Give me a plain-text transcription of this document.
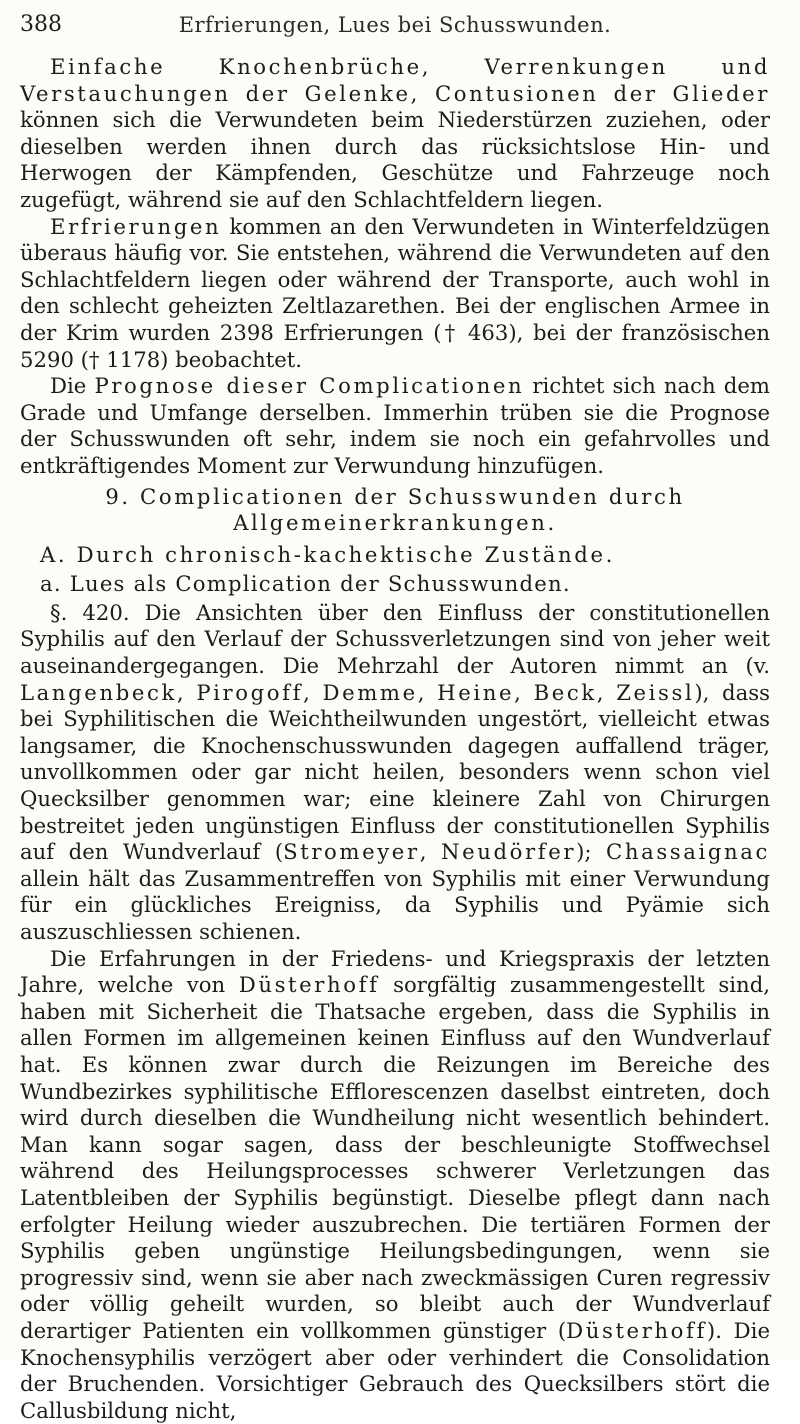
388	Erfrierungen, Lues bei Schusswunden.

Einfache Knochenbrüche, Verrenkungen und Verstauchungen der Gelenke, Contusionen der Glieder können sich die Verwundeten beim Niederstürzen zuziehen, oder dieselben werden ihnen durch das rücksichtslose Hin- und Herwogen der Kämpfenden, Geschütze und Fahrzeuge noch zugefügt, während sie auf den Schlachtfeldern liegen.

Erfrierungen kommen an den Verwundeten in Winterfeldzügen überaus häufig vor. Sie entstehen, während die Verwundeten auf den Schlachtfeldern liegen oder während der Transporte, auch wohl in den schlecht geheizten Zeltlazarethen. Bei der englischen Armee in der Krim wurden 2398 Erfrierungen († 463), bei der französischen 5290 († 1178) beobachtet.

Die Prognose dieser Complicationen richtet sich nach dem Grade und Umfange derselben. Immerhin trüben sie die Prognose der Schusswunden oft sehr, indem sie noch ein gefahrvolles und entkräftigendes Moment zur Verwundung hinzufügen.

9. Complicationen der Schusswunden durch Allgemeinerkrankungen.

A. Durch chronisch-kachektische Zustände.

a. Lues als Complication der Schusswunden.

§. 420. Die Ansichten über den Einfluss der constitutionellen Syphilis auf den Verlauf der Schussverletzungen sind von jeher weit auseinandergegangen. Die Mehrzahl der Autoren nimmt an (v. Langenbeck, Pirogoff, Demme, Heine, Beck, Zeissl), dass bei Syphilitischen die Weichtheilwunden ungestört, vielleicht etwas langsamer, die Knochenschusswunden dagegen auffallend träger, unvollkommen oder gar nicht heilen, besonders wenn schon viel Quecksilber genommen war; eine kleinere Zahl von Chirurgen bestreitet jeden ungünstigen Einfluss der constitutionellen Syphilis auf den Wundverlauf (Stromeyer, Neudörfer); Chassaignac allein hält das Zusammentreffen von Syphilis mit einer Verwundung für ein glückliches Ereigniss, da Syphilis und Pyämie sich auszuschliessen schienen.

Die Erfahrungen in der Friedens- und Kriegspraxis der letzten Jahre, welche von Düsterhoff sorgfältig zusammengestellt sind, haben mit Sicherheit die Thatsache ergeben, dass die Syphilis in allen Formen im allgemeinen keinen Einfluss auf den Wundverlauf hat. Es können zwar durch die Reizungen im Bereiche des Wundbezirkes syphilitische Efflorescenzen daselbst eintreten, doch wird durch dieselben die Wundheilung nicht wesentlich behindert. Man kann sogar sagen, dass der beschleunigte Stoffwechsel während des Heilungsprocesses schwerer Verletzungen das Latentbleiben der Syphilis begünstigt. Dieselbe pflegt dann nach erfolgter Heilung wieder auszubrechen. Die tertiären Formen der Syphilis geben ungünstige Heilungsbedingungen, wenn sie progressiv sind, wenn sie aber nach zweckmässigen Curen regressiv oder völlig geheilt wurden, so bleibt auch der Wundverlauf derartiger Patienten ein vollkommen günstiger (Düsterhoff). Die Knochensyphilis verzögert aber oder verhindert die Consolidation der Bruchenden. Vorsichtiger Gebrauch des Quecksilbers stört die Callusbildung nicht,
